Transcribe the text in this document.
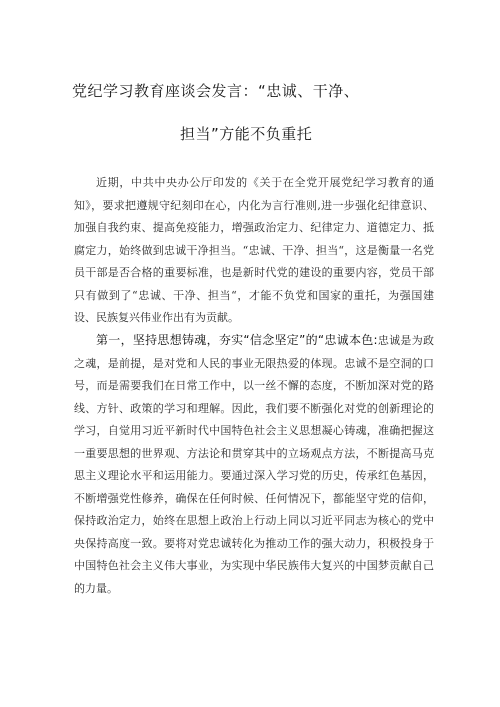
党纪学习教育座谈会发言：“忠诚、干净、
担当”方能不负重托

近期，中共中央办公厅印发的《关于在全党开展党纪学习教育的通知》，要求把遵规守纪刻印在心，内化为言行准则,进一步强化纪律意识、加强自我约束、提高免疫能力，增强政治定力、纪律定力、道德定力、抵腐定力，始终做到忠诚干净担当。“忠诚、干净、担当“，这是衡量一名党员干部是否合格的重要标准，也是新时代党的建设的重要内容，党员干部只有做到了“忠诚、干净、担当“，才能不负党和国家的重托，为强国建设、民族复兴伟业作出有为贡献。

第一，坚持思想铸魂，夯实“信念坚定”的“忠诚本色:忠诚是为政之魂，是前提，是对党和人民的事业无限热爱的体现。忠诚不是空洞的口号，而是需要我们在日常工作中，以一丝不懈的态度，不断加深对党的路线、方针、政策的学习和理解。因此，我们要不断强化对党的创新理论的学习，自觉用习近平新时代中国特色社会主义思想凝心铸魂，准确把握这一重要思想的世界观、方法论和贯穿其中的立场观点方法，不断提高马克思主义理论水平和运用能力。要通过深入学习党的历史，传承红色基因，不断增强党性修养，确保在任何时候、任何情况下，都能坚守党的信仰，保持政治定力，始终在思想上政治上行动上同以习近平同志为核心的党中央保持高度一致。要将对党忠诚转化为推动工作的强大动力，积极投身于中国特色社会主义伟大事业，为实现中华民族伟大复兴的中国梦贡献自己的力量。
